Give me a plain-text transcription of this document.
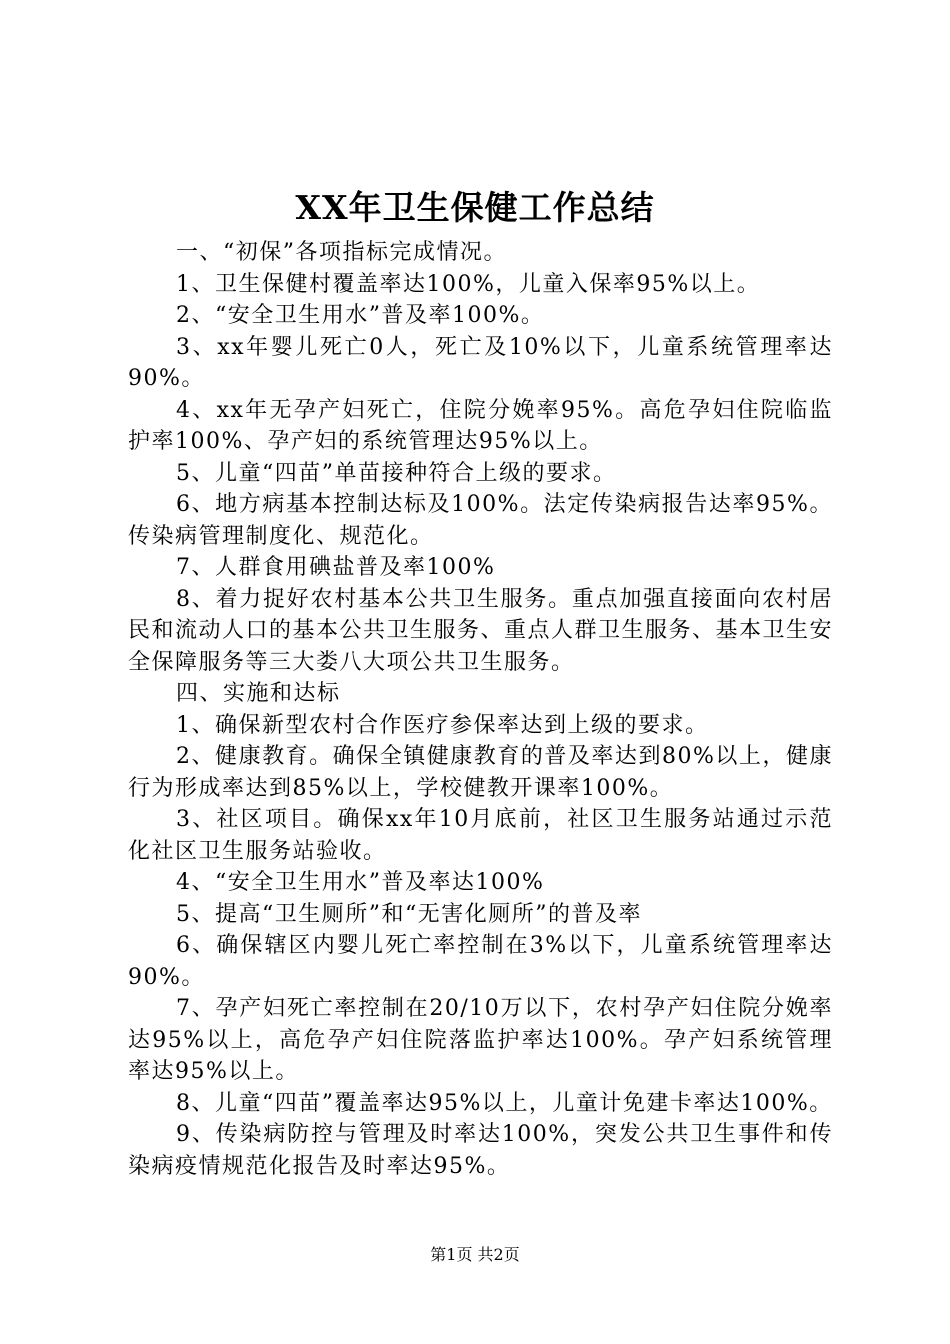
XX年卫生保健工作总结

一、“初保”各项指标完成情况。

1、卫生保健村覆盖率达100%，儿童入保率95%以上。

2、“安全卫生用水”普及率100%。

3、xx年婴儿死亡0人，死亡及10%以下，儿童系统管理率达90%。

4、xx年无孕产妇死亡，住院分娩率95%。高危孕妇住院临监护率100%、孕产妇的系统管理达95%以上。

5、儿童“四苗”单苗接种符合上级的要求。

6、地方病基本控制达标及100%。法定传染病报告达率95%。传染病管理制度化、规范化。

7、人群食用碘盐普及率100%

8、着力捉好农村基本公共卫生服务。重点加强直接面向农村居民和流动人口的基本公共卫生服务、重点人群卫生服务、基本卫生安全保障服务等三大娄八大项公共卫生服务。

四、实施和达标

1、确保新型农村合作医疗参保率达到上级的要求。

2、健康教育。确保全镇健康教育的普及率达到80%以上，健康行为形成率达到85%以上，学校健教开课率100%。

3、社区项目。确保xx年10月底前，社区卫生服务站通过示范化社区卫生服务站验收。

4、“安全卫生用水”普及率达100%

5、提高“卫生厕所”和“无害化厕所”的普及率

6、确保辖区内婴儿死亡率控制在3%以下，儿童系统管理率达90%。

7、孕产妇死亡率控制在20/10万以下，农村孕产妇住院分娩率达95%以上，高危孕产妇住院落监护率达100%。孕产妇系统管理率达95%以上。

8、儿童“四苗”覆盖率达95%以上，儿童计免建卡率达100%。

9、传染病防控与管理及时率达100%，突发公共卫生事件和传染病疫情规范化报告及时率达95%。

第1页 共2页
